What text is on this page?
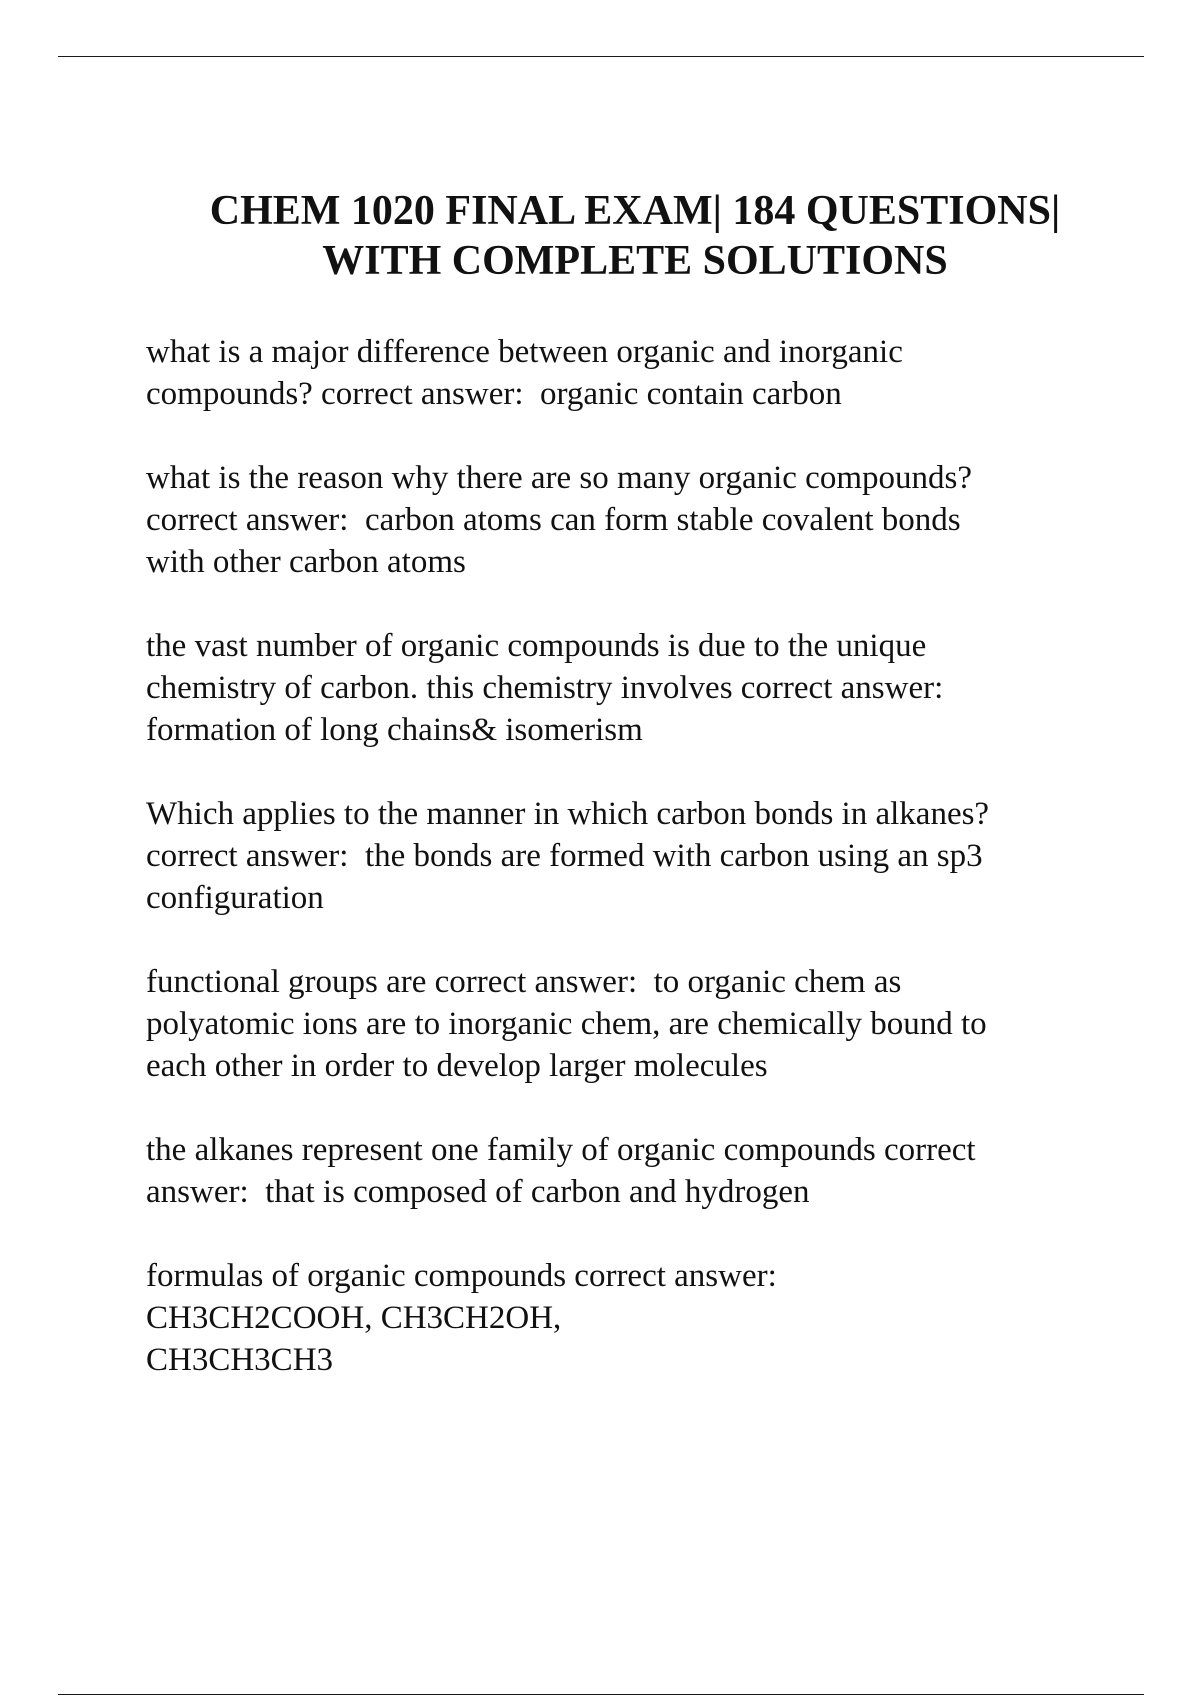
CHEM 1020 FINAL EXAM| 184 QUESTIONS|
WITH COMPLETE SOLUTIONS

what is a major difference between organic and inorganic
compounds? correct answer:  organic contain carbon

what is the reason why there are so many organic compounds?
correct answer:  carbon atoms can form stable covalent bonds
with other carbon atoms

the vast number of organic compounds is due to the unique
chemistry of carbon. this chemistry involves correct answer:
formation of long chains& isomerism

Which applies to the manner in which carbon bonds in alkanes?
correct answer:  the bonds are formed with carbon using an sp3
configuration

functional groups are correct answer:  to organic chem as
polyatomic ions are to inorganic chem, are chemically bound to
each other in order to develop larger molecules

the alkanes represent one family of organic compounds correct
answer:  that is composed of carbon and hydrogen

formulas of organic compounds correct answer:
CH3CH2COOH, CH3CH2OH,
CH3CH3CH3
